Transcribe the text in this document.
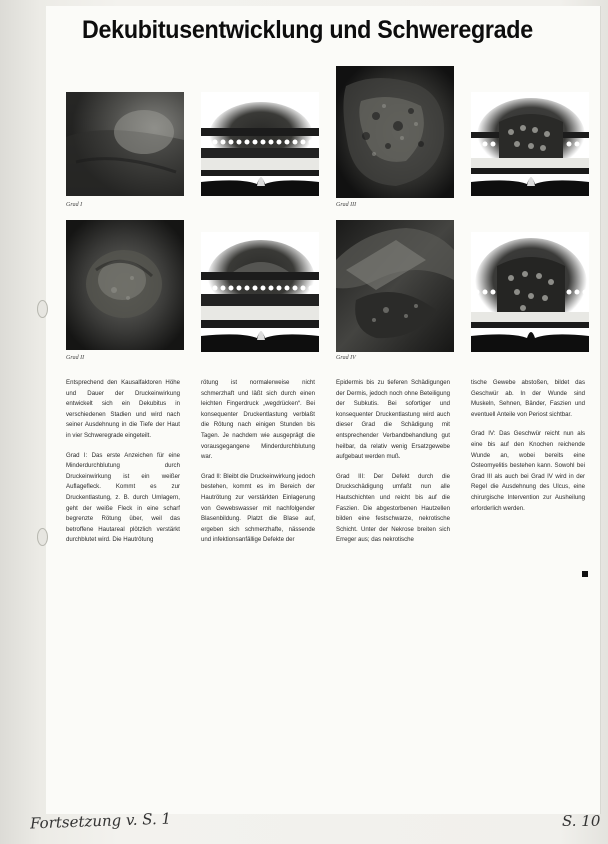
Dekubitusentwicklung und Schweregrade
Grad I	Grad III
Grad II	Grad IV

Entsprechend den Kausalfaktoren Höhe und Dauer der Druckeinwirkung entwickelt sich ein Dekubitus in verschiedenen Stadien und wird nach seiner Ausdehnung in die Tiefe der Haut in vier Schweregrade eingeteilt.

Grad I: Das erste Anzeichen für eine Minderdurchblutung durch Druckeinwirkung ist ein weißer Auflagefleck. Kommt es zur Druckentlastung, z. B. durch Umlagern, geht der weiße Fleck in eine scharf begrenzte Rötung über, weil das betroffene Hautareal plötzlich verstärkt durchblutet wird. Die Hautrötung

rötung ist normalerweise nicht schmerzhaft und läßt sich durch einen leichten Fingerdruck „wegdrücken“. Bei konsequenter Druckentlastung verblaßt die Rötung nach einigen Stunden bis Tagen. Je nachdem wie ausgeprägt die vorausgegangene Minderdurchblutung war.

Grad II: Bleibt die Druckeinwirkung jedoch bestehen, kommt es im Bereich der Hautrötung zur verstärkten Einlagerung von Gewebswasser mit nachfolgender Blasenbildung. Platzt die Blase auf, ergeben sich schmerzhafte, nässende und infektionsanfällige Defekte der

Epidermis bis zu tieferen Schädigungen der Dermis, jedoch noch ohne Beteiligung der Subkutis. Bei sofortiger und konsequenter Druckentlastung wird auch dieser Grad die Schädigung mit entsprechender Verbandbehandlung gut heilbar, da relativ wenig Ersatzgewebe aufgebaut werden muß.

Grad III: Der Defekt durch die Druckschädigung umfaßt nun alle Hautschichten und reicht bis auf die Faszien. Die abgestorbenen Hautzellen bilden eine festschwarze, nekrotische Schicht. Unter der Nekrose breiten sich Erreger aus; das nekrotische

tische Gewebe abstoßen, bildet das Geschwür ab. In der Wunde sind Muskeln, Sehnen, Bänder, Faszien und eventuell Anteile von Periost sichtbar.

Grad IV: Das Geschwür reicht nun als eine bis auf den Knochen reichende Wunde an, wobei bereits eine Osteomyelitis bestehen kann. Sowohl bei Grad III als auch bei Grad IV wird in der Regel die Ausdehnung des Ulcus, eine chirurgische Intervention zur Ausheilung erforderlich werden.

Fortsetzung v. S. 1	S. 10
